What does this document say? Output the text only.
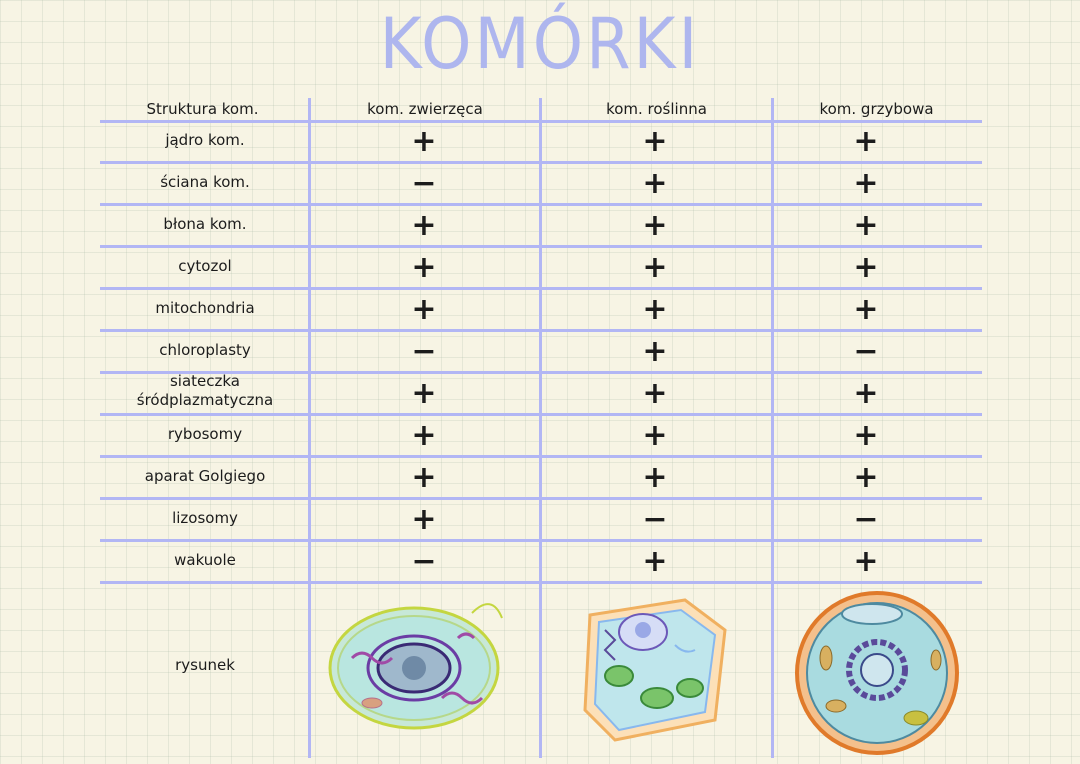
KOMÓRKI
Struktura kom.	kom. zwierzęca	kom. roślinna	kom. grzybowa
jądro kom.	+	+	+
ściana kom.	−	+	+
błona kom.	+	+	+
cytozol	+	+	+
mitochondria	+	+	+
chloroplasty	−	+	−
siateczka śródplazmatyczna	+	+	+
rybosomy	+	+	+
aparat Golgiego	+	+	+
lizosomy	+	−	−
wakuole	−	+	+
rysunek
